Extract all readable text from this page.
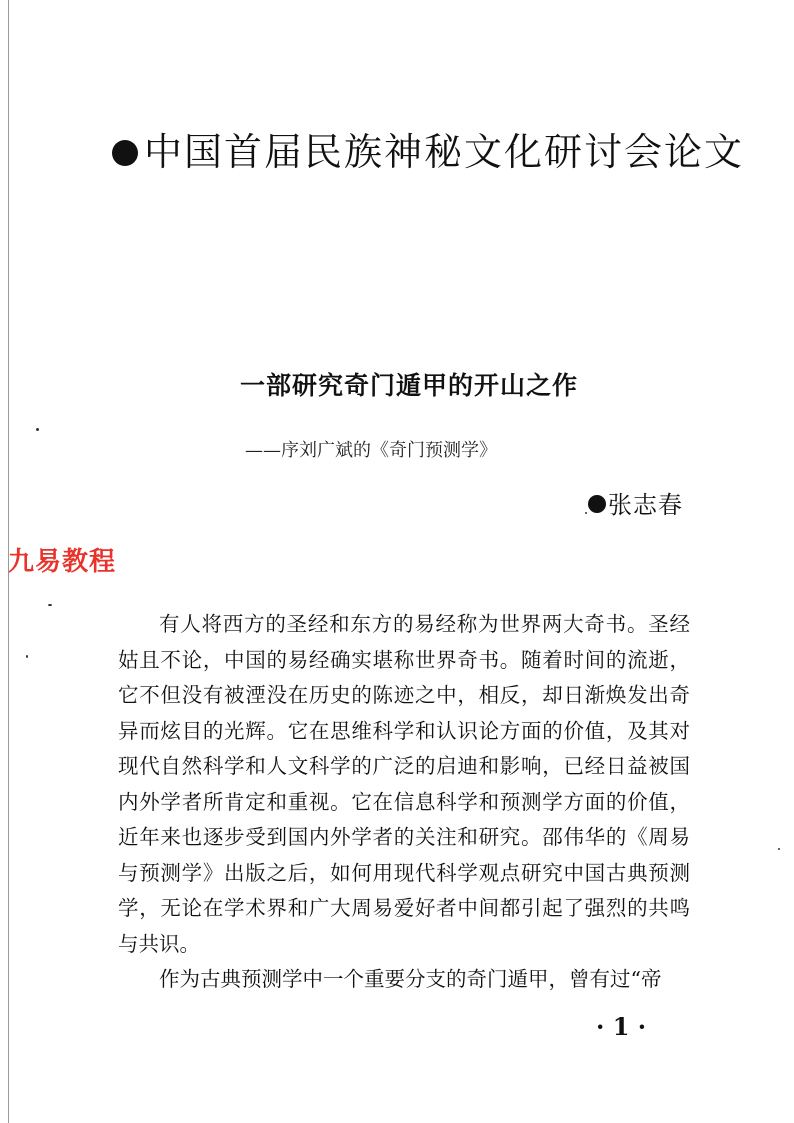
中国首届民族神秘文化研讨会论文
一部研究奇门遁甲的开山之作
——序刘广斌的《奇门预测学》
张志春
九易教程

有人将西方的圣经和东方的易经称为世界两大奇书。圣经姑且不论，中国的易经确实堪称世界奇书。随着时间的流逝，它不但没有被湮没在历史的陈迹之中，相反，却日渐焕发出奇异而炫目的光辉。它在思维科学和认识论方面的价值，及其对现代自然科学和人文科学的广泛的启迪和影响，已经日益被国内外学者所肯定和重视。它在信息科学和预测学方面的价值，近年来也逐步受到国内外学者的关注和研究。邵伟华的《周易与预测学》出版之后，如何用现代科学观点研究中国古典预测学，无论在学术界和广大周易爱好者中间都引起了强烈的共鸣与共识。

作为古典预测学中一个重要分支的奇门遁甲，曾有过“帝

· 1 ·
